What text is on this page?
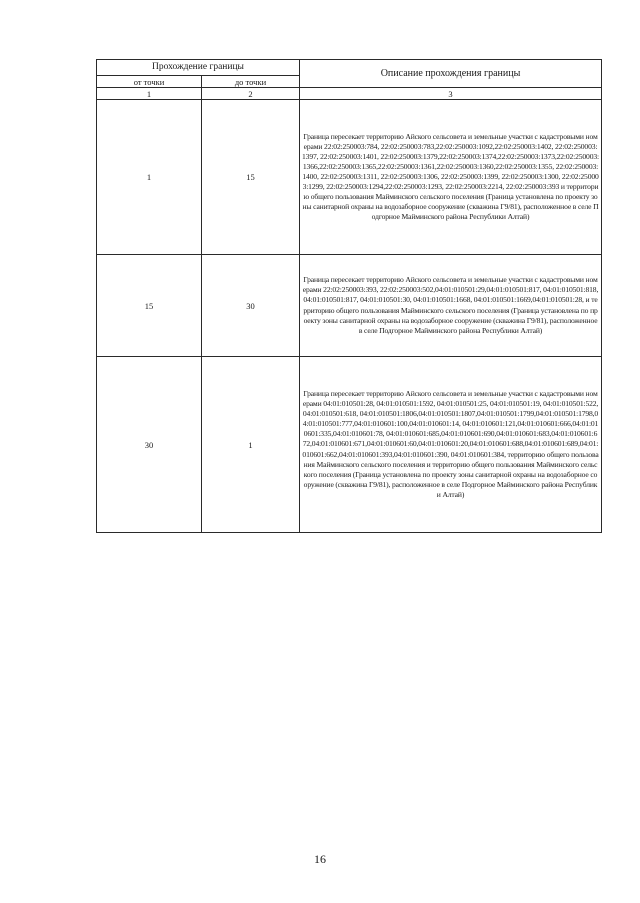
Прохождение границы		Описание прохождения границы
от точки	до точки	
1	2	3
1	15	Граница пересекает территорию Айского сельсовета и земельные участки с кадастровыми номерами 22:02:250003:784, 22:02:250003:783,22:02:250003:1092,22:02:250003:1402, 22:02:250003:1397, 22:02:250003:1401, 22:02:250003:1379,22:02:250003:1374,22:02:250003:1373,22:02:250003:1366,22:02:250003:1365,22:02:250003:1361,22:02:250003:1360,22:02:250003:1355, 22:02:250003:1400, 22:02:250003:1311, 22:02:250003:1306, 22:02:250003:1399, 22:02:250003:1300, 22:02:250003:1299, 22:02:250003:1294,22:02:250003:1293, 22:02:250003:2214, 22:02:250003:393 и территорию общего пользования Майминского сельского поселения (Граница установлена по проекту зоны санитарной охраны на водозаборное сооружение (скважина Г9/81), расположенное в селе Подгорное Майминского района Республики Алтай)
15	30	Граница пересекает территорию Айского сельсовета и земельные участки с кадастровыми номерами 22:02:250003:393, 22:02:250003:502,04:01:010501:29,04:01:010501:817, 04:01:010501:818, 04:01:010501:817, 04:01:010501:30, 04:01:010501:1668, 04:01:010501:1669,04:01:010501:28, и территорию общего пользования Майминского сельского поселения (Граница установлена по проекту зоны санитарной охраны на водозаборное сооружение (скважина Г9/81), расположенное в селе Подгорное Майминского района Республики Алтай)
30	1	Граница пересекает территорию Айского сельсовета и земельные участки с кадастровыми номерами 04:01:010501:28, 04:01:010501:1592, 04:01:010501:25, 04:01:010501:19, 04:01:010501:522,04:01:010501:618, 04:01:010501:1806,04:01:010501:1807,04:01:010501:1799,04:01:010501:1798,04:01:010501:777,04:01:010601:100,04:01:010601:14, 04:01:010601:121,04:01:010601:666,04:01:010601:335,04:01:010601:78, 04:01:010601:685,04:01:010601:690,04:01:010601:683,04:01:010601:672,04:01:010601:671,04:01:010601:60,04:01:010601:20,04:01:010601:688,04:01:010601:689,04:01:010601:662,04:01:010601:393,04:01:010601:390, 04:01:010601:384, территорию общего пользования Майминского сельского поселения и территорию общего пользования Майминского сельского поселения (Граница установлена по проекту зоны санитарной охраны на водозаборное сооружение (скважина Г9/81), расположенное в селе Подгорное Майминского района Республики Алтай)
16
